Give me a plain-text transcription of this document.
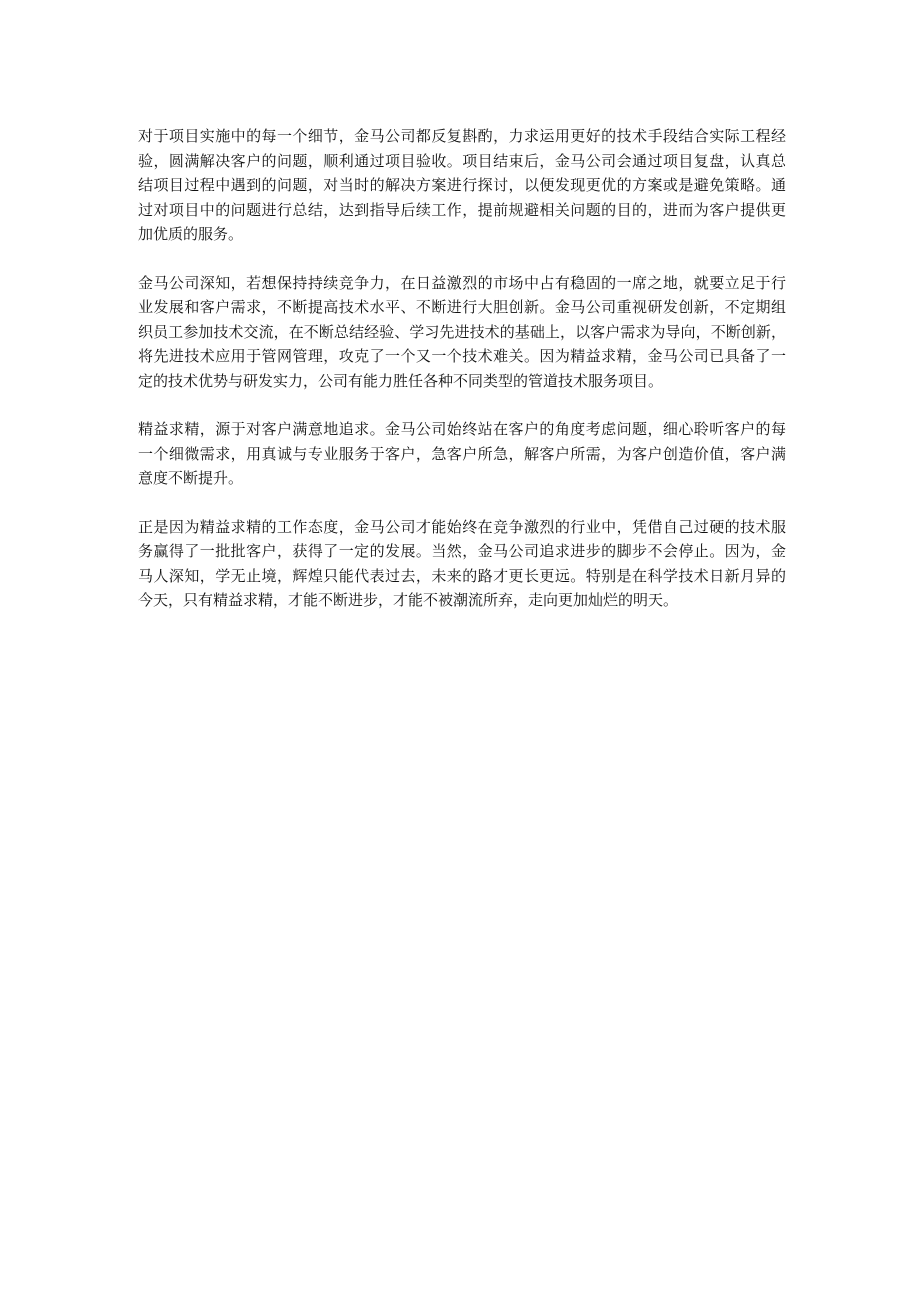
对于项目实施中的每一个细节，金马公司都反复斟酌，力求运用更好的技术手段结合实际工程经
验，圆满解决客户的问题，顺利通过项目验收。项目结束后，金马公司会通过项目复盘，认真总
结项目过程中遇到的问题，对当时的解决方案进行探讨，以便发现更优的方案或是避免策略。通
过对项目中的问题进行总结，达到指导后续工作，提前规避相关问题的目的，进而为客户提供更
加优质的服务。

金马公司深知，若想保持持续竞争力，在日益激烈的市场中占有稳固的一席之地，就要立足于行
业发展和客户需求，不断提高技术水平、不断进行大胆创新。金马公司重视研发创新，不定期组
织员工参加技术交流，在不断总结经验、学习先进技术的基础上，以客户需求为导向，不断创新，
将先进技术应用于管网管理，攻克了一个又一个技术难关。因为精益求精，金马公司已具备了一
定的技术优势与研发实力，公司有能力胜任各种不同类型的管道技术服务项目。

精益求精，源于对客户满意地追求。金马公司始终站在客户的角度考虑问题，细心聆听客户的每
一个细微需求，用真诚与专业服务于客户，急客户所急，解客户所需，为客户创造价值，客户满
意度不断提升。

正是因为精益求精的工作态度，金马公司才能始终在竞争激烈的行业中，凭借自己过硬的技术服
务赢得了一批批客户，获得了一定的发展。当然，金马公司追求进步的脚步不会停止。因为，金
马人深知，学无止境，辉煌只能代表过去，未来的路才更长更远。特别是在科学技术日新月异的
今天，只有精益求精，才能不断进步，才能不被潮流所弃，走向更加灿烂的明天。
